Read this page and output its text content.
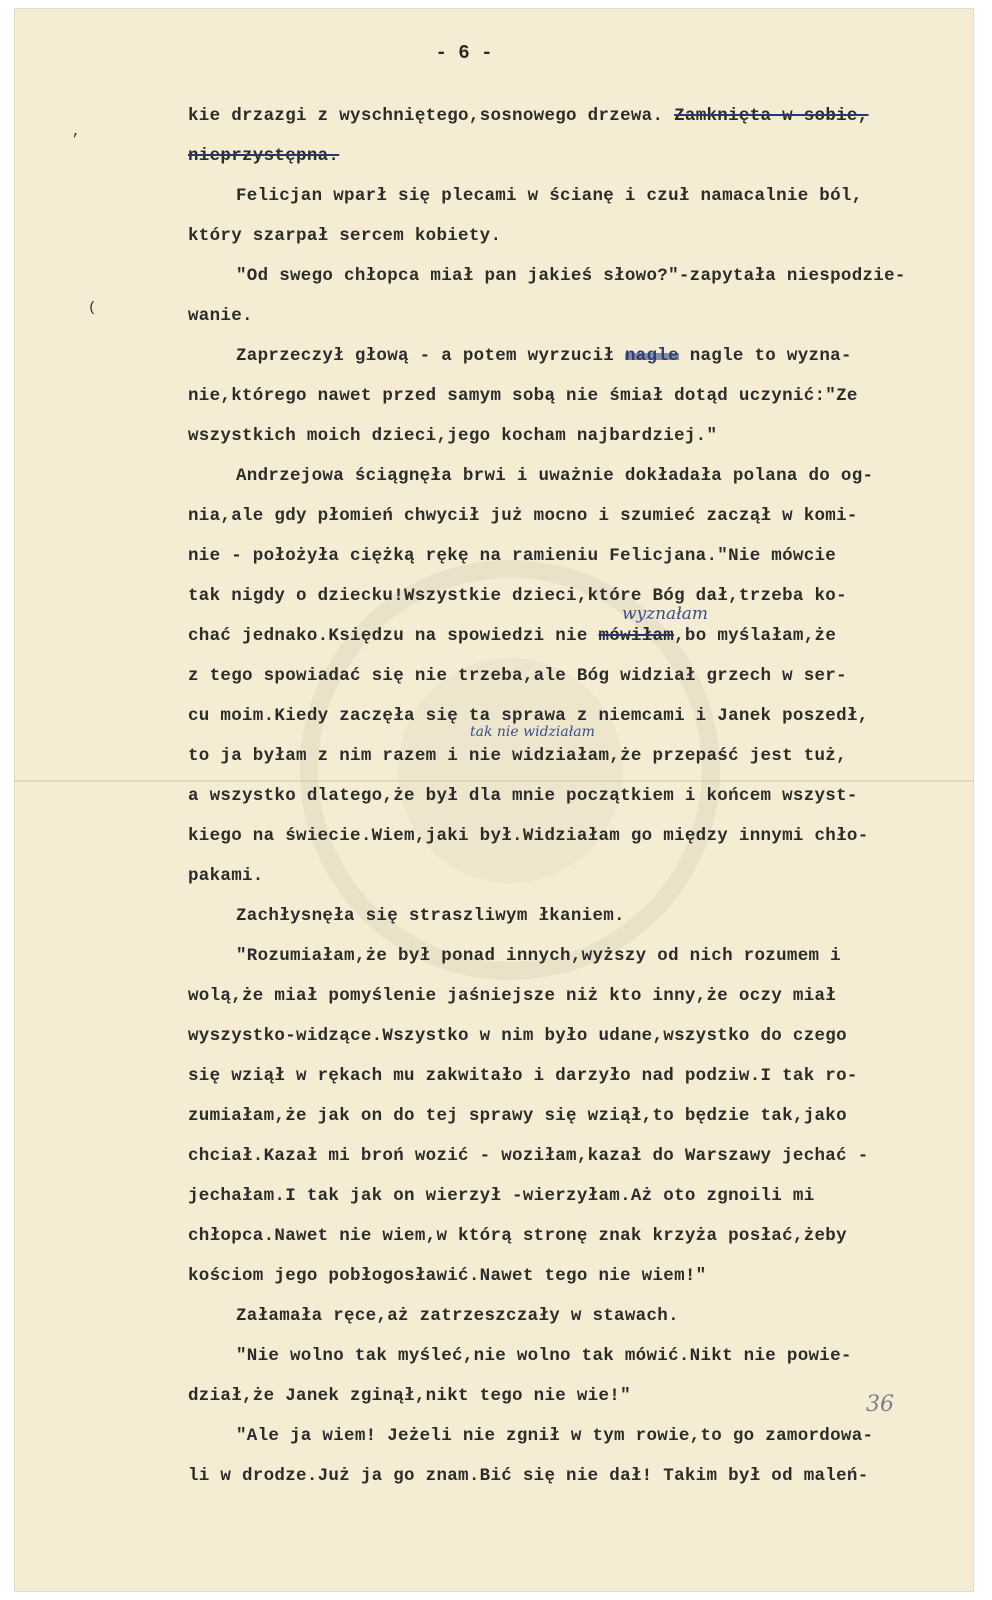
- 6 -
,
(
kie drzazgi z wyschniętego,sosnowego drzewa. Zamknięta w sobie,
nieprzystępna.
Felicjan wparł się plecami w ścianę i czuł namacalnie ból,
który szarpał sercem kobiety.
"Od swego chłopca miał pan jakieś słowo?"-zapytała niespodzie-
wanie.
Zaprzeczył głową - a potem wyrzucił nagle nagle to wyzna-
nie,którego nawet przed samym sobą nie śmiał dotąd uczynić:"Ze
wszystkich moich dzieci,jego kocham najbardziej."
Andrzejowa ściągnęła brwi i uważnie dokładała polana do og-
nia,ale gdy płomień chwycił już mocno i szumieć zaczął w komi-
nie - położyła ciężką rękę na ramieniu Felicjana."Nie mówcie
tak nigdy o dziecku!Wszystkie dzieci,które Bóg dał,trzeba ko-
chać jednako.Księdzu na spowiedzi nie mówiłam,bo myślałam,że
z tego spowiadać się nie trzeba,ale Bóg widział grzech w ser-
cu moim.Kiedy zaczęła się ta sprawa z niemcami i Janek poszedł,
to ja byłam z nim razem i nie widziałam,że przepaść jest tuż,
a wszystko dlatego,że był dla mnie początkiem i końcem wszyst-
kiego na świecie.Wiem,jaki był.Widziałam go między innymi chło-
pakami.
Zachłysnęła się straszliwym łkaniem.
"Rozumiałam,że był ponad innych,wyższy od nich rozumem i
wolą,że miał pomyślenie jaśniejsze niż kto inny,że oczy miał
wyszystko-widzące.Wszystko w nim było udane,wszystko do czego
się wziął w rękach mu zakwitało i darzyło nad podziw.I tak ro-
zumiałam,że jak on do tej sprawy się wziął,to będzie tak,jako
chciał.Kazał mi broń wozić - woziłam,kazał do Warszawy jechać -
jechałam.I tak jak on wierzył -wierzyłam.Aż oto zgnoili mi
chłopca.Nawet nie wiem,w którą stronę znak krzyża posłać,żeby
kościom jego pobłogosławić.Nawet tego nie wiem!"
Załamała ręce,aż zatrzeszczały w stawach.
"Nie wolno tak myśleć,nie wolno tak mówić.Nikt nie powie-
dział,że Janek zginął,nikt tego nie wie!"
"Ale ja wiem! Jeżeli nie zgnił w tym rowie,to go zamordowa-
li w drodze.Już ja go znam.Bić się nie dał! Takim był od maleń-
wyznałam
tak nie widziałam
36
